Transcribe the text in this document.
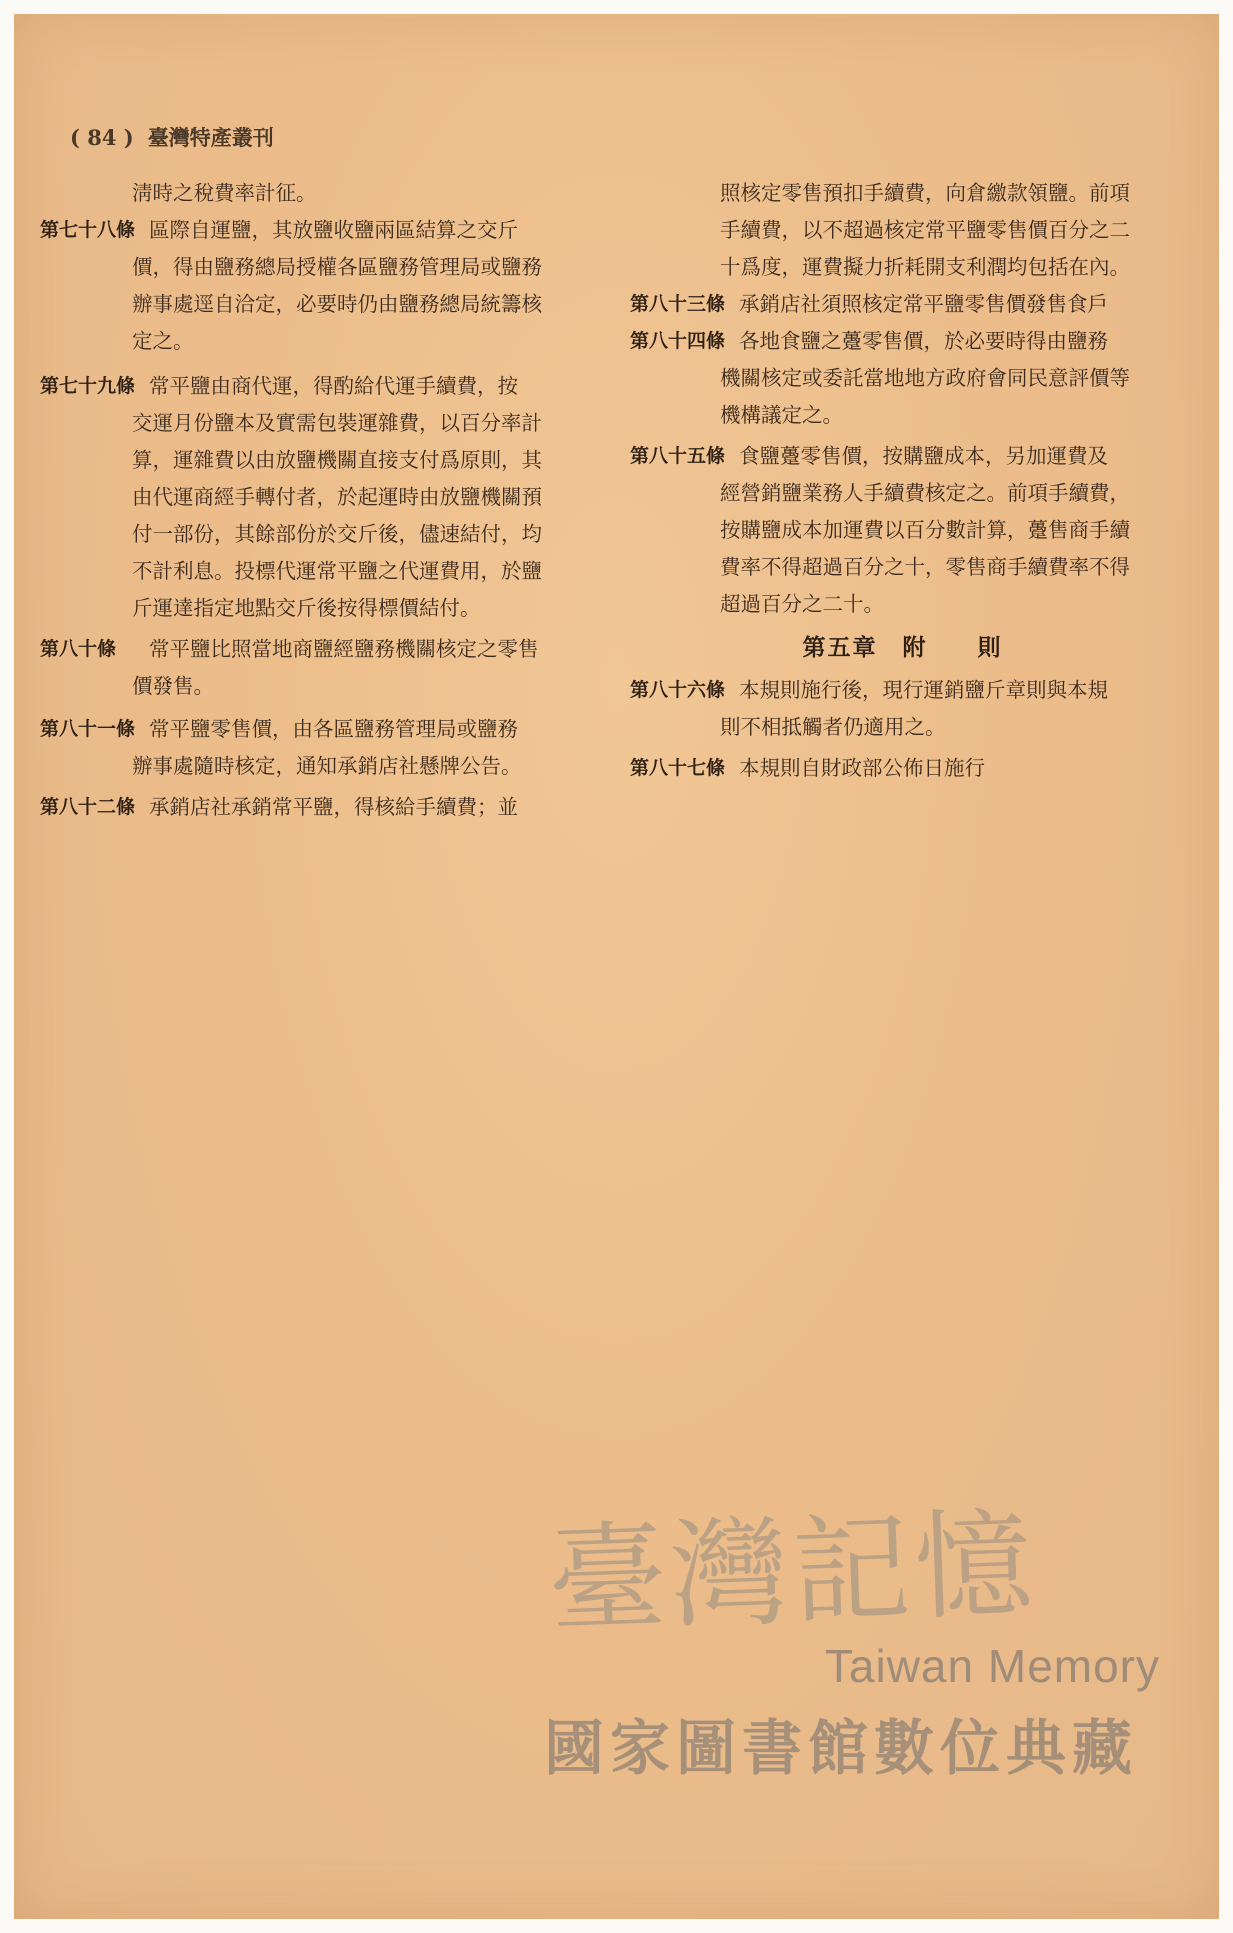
( 84 ) 臺灣特產叢刊
淸時之稅費率計征。
第七十八條 區際自運鹽，其放鹽收鹽兩區結算之交斤
價，得由鹽務總局授權各區鹽務管理局或鹽務
辦事處逕自洽定，必要時仍由鹽務總局統籌核
定之。
第七十九條 常平鹽由商代運，得酌給代運手續費，按
交運月份鹽本及實需包裝運雜費，以百分率計
算，運雜費以由放鹽機關直接支付爲原則，其
由代運商經手轉付者，於起運時由放鹽機關預
付一部份，其餘部份於交斤後，儘速結付，均
不計利息。投標代運常平鹽之代運費用，於鹽
斤運達指定地點交斤後按得標價結付。
第八十條	常平鹽比照當地商鹽經鹽務機關核定之零售
價發售。
第八十一條 常平鹽零售價，由各區鹽務管理局或鹽務
辦事處隨時核定，通知承銷店社懸牌公告。
第八十二條 承銷店社承銷常平鹽，得核給手續費；並
照核定零售預扣手續費，向倉繳款領鹽。前項
手續費，以不超過核定常平鹽零售價百分之二
十爲度，運費擬力折耗開支利潤均包括在內。
第八十三條 承銷店社須照核定常平鹽零售價發售食戶
第八十四條 各地食鹽之躉零售價，於必要時得由鹽務
機關核定或委託當地地方政府會同民意評價等
機構議定之。
第八十五條 食鹽躉零售價，按購鹽成本，另加運費及
經營銷鹽業務人手續費核定之。前項手續費，
按購鹽成本加運費以百分數計算，躉售商手續
費率不得超過百分之十，零售商手續費率不得
超過百分之二十。
第五章　附　　則
第八十六條 本規則施行後，現行運銷鹽斤章則與本規
則不相抵觸者仍適用之。
第八十七條 本規則自財政部公佈日施行
臺灣記憶
Taiwan Memory
國家圖書館數位典藏
